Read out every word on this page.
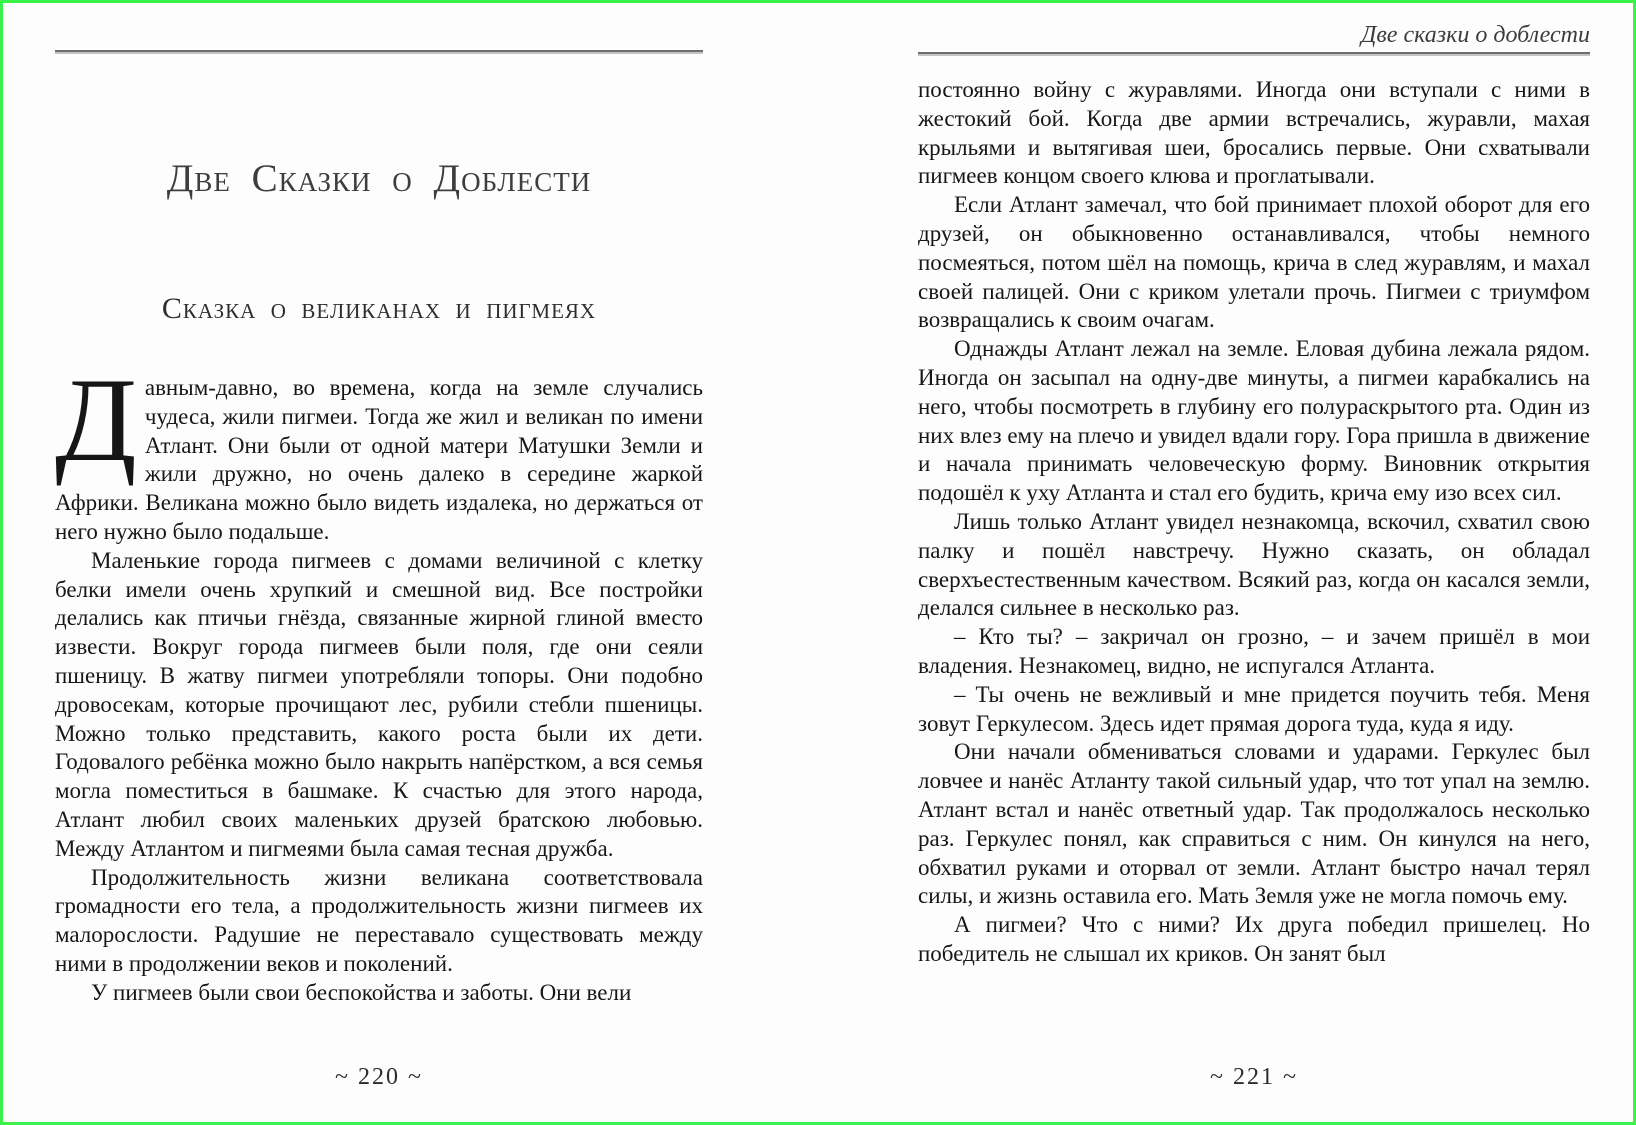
Две Сказки о Доблести
Сказка о великанах и пигмеях

Давным-давно, во времена, когда на земле случались чудеса, жили пигмеи. Тогда же жил и великан по имени Атлант. Они были от одной матери Матушки Земли и жили дружно, но очень далеко в середине жаркой Африки. Великана можно было видеть издалека, но держаться от него нужно было подальше.

Маленькие города пигмеев с домами величиной с клетку белки имели очень хрупкий и смешной вид. Все постройки делались как птичьи гнёзда, связанные жирной глиной вместо извести. Вокруг города пигмеев были поля, где они сеяли пшеницу. В жатву пигмеи употребляли топоры. Они подобно дровосекам, которые прочищают лес, рубили стебли пшеницы. Можно только представить, какого роста были их дети. Годовалого ребёнка можно было накрыть напёрстком, а вся семья могла поместиться в башмаке. К счастью для этого народа, Атлант любил своих маленьких друзей братскою любовью. Между Атлантом и пигмеями была самая тесная дружба.

Продолжительность жизни великана соответствовала громадности его тела, а продолжительность жизни пигмеев их малорослости. Радушие не переставало существовать между ними в продолжении веков и поколений.

У пигмеев были свои беспокойства и заботы. Они вели

~ 220 ~
Две сказки о доблести

постоянно войну с журавлями. Иногда они вступали с ними в жестокий бой. Когда две армии встречались, журавли, махая крыльями и вытягивая шеи, бросались первые. Они схватывали пигмеев концом своего клюва и проглатывали.

Если Атлант замечал, что бой принимает плохой оборот для его друзей, он обыкновенно останавливался, чтобы немного посмеяться, потом шёл на помощь, крича в след журавлям, и махал своей палицей. Они с криком улетали прочь. Пигмеи с триумфом возвращались к своим очагам.

Однажды Атлант лежал на земле. Еловая дубина лежала рядом. Иногда он засыпал на одну-две минуты, а пигмеи карабкались на него, чтобы посмотреть в глубину его полураскрытого рта. Один из них влез ему на плечо и увидел вдали гору. Гора пришла в движение и начала принимать человеческую форму. Виновник открытия подошёл к уху Атланта и стал его будить, крича ему изо всех сил.

Лишь только Атлант увидел незнакомца, вскочил, схватил свою палку и пошёл навстречу. Нужно сказать, он обладал сверхъестественным качеством. Всякий раз, когда он касался земли, делался сильнее в несколько раз.

– Кто ты? – закричал он грозно, – и зачем пришёл в мои владения. Незнакомец, видно, не испугался Атланта.

– Ты очень не вежливый и мне придется поучить тебя. Меня зовут Геркулесом. Здесь идет прямая дорога туда, куда я иду.

Они начали обмениваться словами и ударами. Геркулес был ловчее и нанёс Атланту такой сильный удар, что тот упал на землю. Атлант встал и нанёс ответный удар. Так продолжалось несколько раз. Геркулес понял, как справиться с ним. Он кинулся на него, обхватил руками и оторвал от земли. Атлант быстро начал терял силы, и жизнь оставила его. Мать Земля уже не могла помочь ему.

А пигмеи? Что с ними? Их друга победил пришелец. Но победитель не слышал их криков. Он занят был

~ 221 ~
